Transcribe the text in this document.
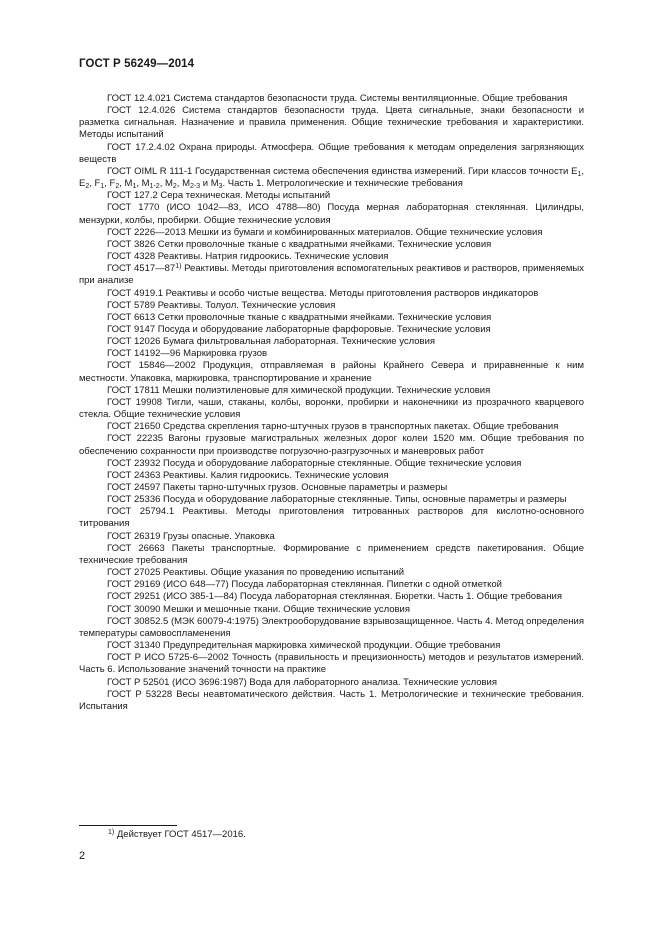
ГОСТ Р 56249—2014

ГОСТ 12.4.021 Система стандартов безопасности труда. Системы вентиляционные. Общие требования

ГОСТ 12.4.026 Система стандартов безопасности труда. Цвета сигнальные, знаки безопасности и разметка сигнальная. Назначение и правила применения. Общие технические требования и характеристики. Методы испытаний

ГОСТ 17.2.4.02 Охрана природы. Атмосфера. Общие требования к методам определения загрязняющих веществ

ГОСТ OIML R 111-1 Государственная система обеспечения единства измерений. Гири классов точности $E_1$, $E_2$, $F_1$, $F_2$, $M_1$, $M_{1-2}$, $M_2$, $M_{2-3}$ и $M_3$. Часть 1. Метрологические и технические требования

ГОСТ 127.2 Сера техническая. Методы испытаний

ГОСТ 1770 (ИСО 1042—83, ИСО 4788—80) Посуда мерная лабораторная стеклянная. Цилиндры, мензурки, колбы, пробирки. Общие технические условия

ГОСТ 2226—2013 Мешки из бумаги и комбинированных материалов. Общие технические условия

ГОСТ 3826 Сетки проволочные тканые с квадратными ячейками. Технические условия

ГОСТ 4328 Реактивы. Натрия гидроокись. Технические условия

ГОСТ 4517—87$^{1)}$ Реактивы. Методы приготовления вспомогательных реактивов и растворов, применяемых при анализе

ГОСТ 4919.1 Реактивы и особо чистые вещества. Методы приготовления растворов индикаторов

ГОСТ 5789 Реактивы. Толуол. Технические условия

ГОСТ 6613 Сетки проволочные тканые с квадратными ячейками. Технические условия

ГОСТ 9147 Посуда и оборудование лабораторные фарфоровые. Технические условия

ГОСТ 12026 Бумага фильтровальная лабораторная. Технические условия

ГОСТ 14192—96 Маркировка грузов

ГОСТ 15846—2002 Продукция, отправляемая в районы Крайнего Севера и приравненные к ним местности. Упаковка, маркировка, транспортирование и хранение

ГОСТ 17811 Мешки полиэтиленовые для химической продукции. Технические условия

ГОСТ 19908 Тигли, чаши, стаканы, колбы, воронки, пробирки и наконечники из прозрачного кварцевого стекла. Общие технические условия

ГОСТ 21650 Средства скрепления тарно-штучных грузов в транспортных пакетах. Общие требования

ГОСТ 22235 Вагоны грузовые магистральных железных дорог колеи 1520 мм. Общие требования по обеспечению сохранности при производстве погрузочно-разгрузочных и маневровых работ

ГОСТ 23932 Посуда и оборудование лабораторные стеклянные. Общие технические условия

ГОСТ 24363 Реактивы. Калия гидроокись. Технические условия

ГОСТ 24597 Пакеты тарно-штучных грузов. Основные параметры и размеры

ГОСТ 25336 Посуда и оборудование лабораторные стеклянные. Типы, основные параметры и размеры

ГОСТ 25794.1 Реактивы. Методы приготовления титрованных растворов для кислотно-основного титрования

ГОСТ 26319 Грузы опасные. Упаковка

ГОСТ 26663 Пакеты транспортные. Формирование с применением средств пакетирования. Общие технические требования

ГОСТ 27025 Реактивы. Общие указания по проведению испытаний

ГОСТ 29169 (ИСО 648—77) Посуда лабораторная стеклянная. Пипетки с одной отметкой

ГОСТ 29251 (ИСО 385-1—84) Посуда лабораторная стеклянная. Бюретки. Часть 1. Общие требования

ГОСТ 30090 Мешки и мешочные ткани. Общие технические условия

ГОСТ 30852.5 (МЭК 60079-4:1975) Электрооборудование взрывозащищенное. Часть 4. Метод определения температуры самовоспламенения

ГОСТ 31340 Предупредительная маркировка химической продукции. Общие требования

ГОСТ Р ИСО 5725-6—2002 Точность (правильность и прецизионность) методов и результатов измерений. Часть 6. Использование значений точности на практике

ГОСТ Р 52501 (ИСО 3696:1987) Вода для лабораторного анализа. Технические условия

ГОСТ Р 53228 Весы неавтоматического действия. Часть 1. Метрологические и технические требования. Испытания

$^{1)}$ Действует ГОСТ 4517—2016.
2
